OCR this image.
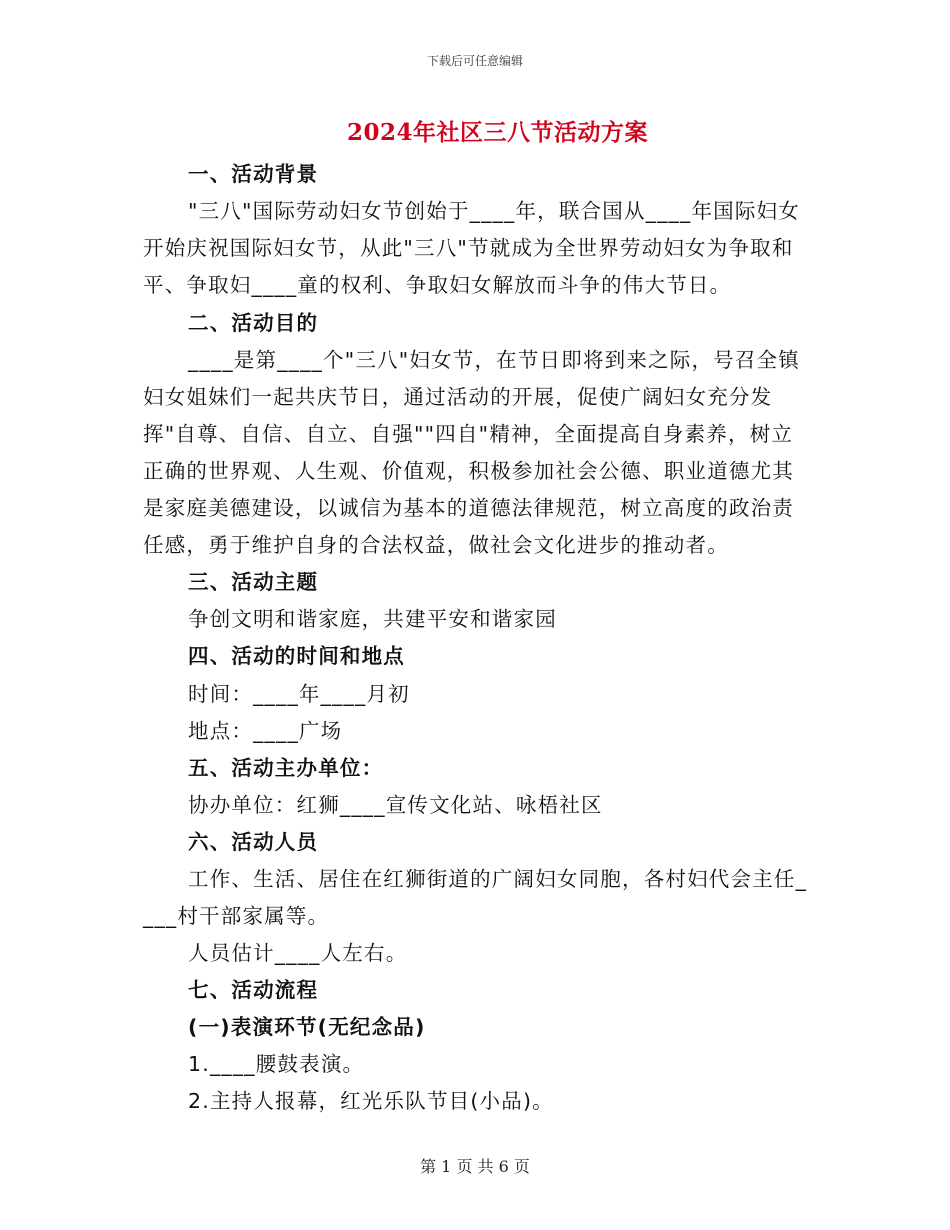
下载后可任意编辑
2024年社区三八节活动方案
一、活动背景
"三八"国际劳动妇女节创始于____年，联合国从____年国际妇女
开始庆祝国际妇女节，从此"三八"节就成为全世界劳动妇女为争取和
平、争取妇____童的权利、争取妇女解放而斗争的伟大节日。
二、活动目的
____是第____个"三八"妇女节，在节日即将到来之际，号召全镇
妇女姐妹们一起共庆节日，通过活动的开展，促使广阔妇女充分发
挥"自尊、自信、自立、自强""四自"精神，全面提高自身素养，树立
正确的世界观、人生观、价值观，积极参加社会公德、职业道德尤其
是家庭美德建设，以诚信为基本的道德法律规范，树立高度的政治责
任感，勇于维护自身的合法权益，做社会文化进步的推动者。
三、活动主题
争创文明和谐家庭，共建平安和谐家园
四、活动的时间和地点
时间：____年____月初
地点：____广场
五、活动主办单位：
协办单位：红狮____宣传文化站、咏梧社区
六、活动人员
工作、生活、居住在红狮街道的广阔妇女同胞，各村妇代会主任_
___村干部家属等。
人员估计____人左右。
七、活动流程
(一)表演环节(无纪念品)
1.____腰鼓表演。
2.主持人报幕，红光乐队节目(小品)。
第 1 页 共 6 页
